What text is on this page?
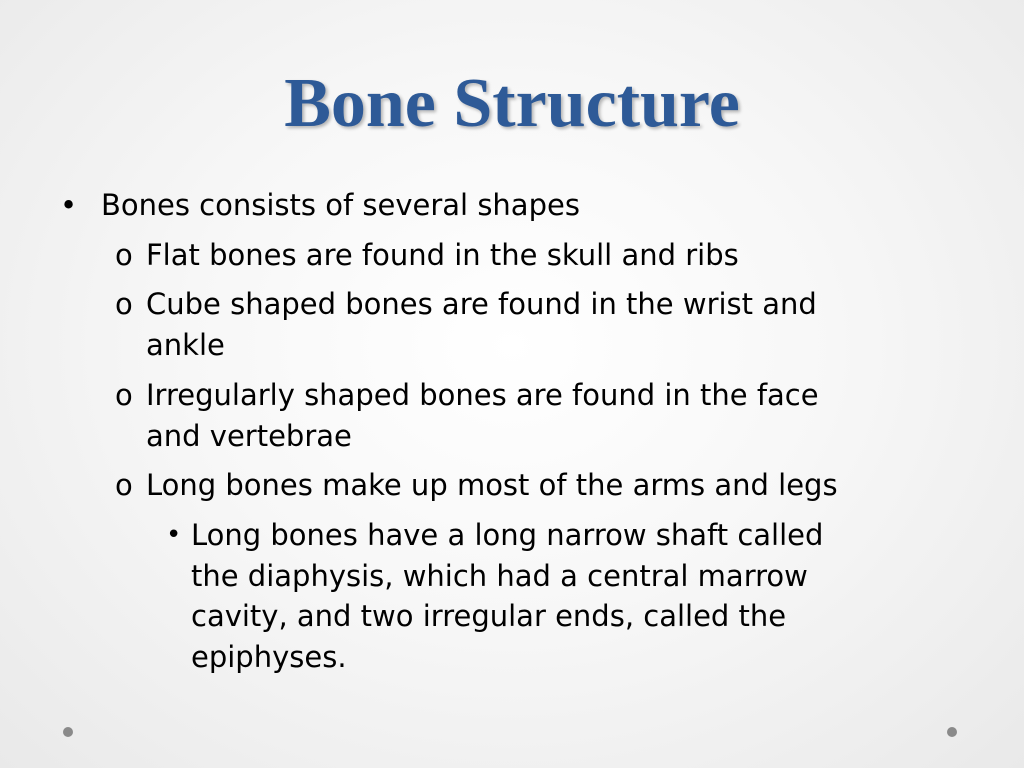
Bone Structure
• Bones consists of several shapes
o Flat bones are found in the skull and ribs
o Cube shaped bones are found in the wrist and
ankle
o Irregularly shaped bones are found in the face
and vertebrae
o Long bones make up most of the arms and legs
• Long bones have a long narrow shaft called
the diaphysis, which had a central marrow
cavity, and two irregular ends, called the
epiphyses.
